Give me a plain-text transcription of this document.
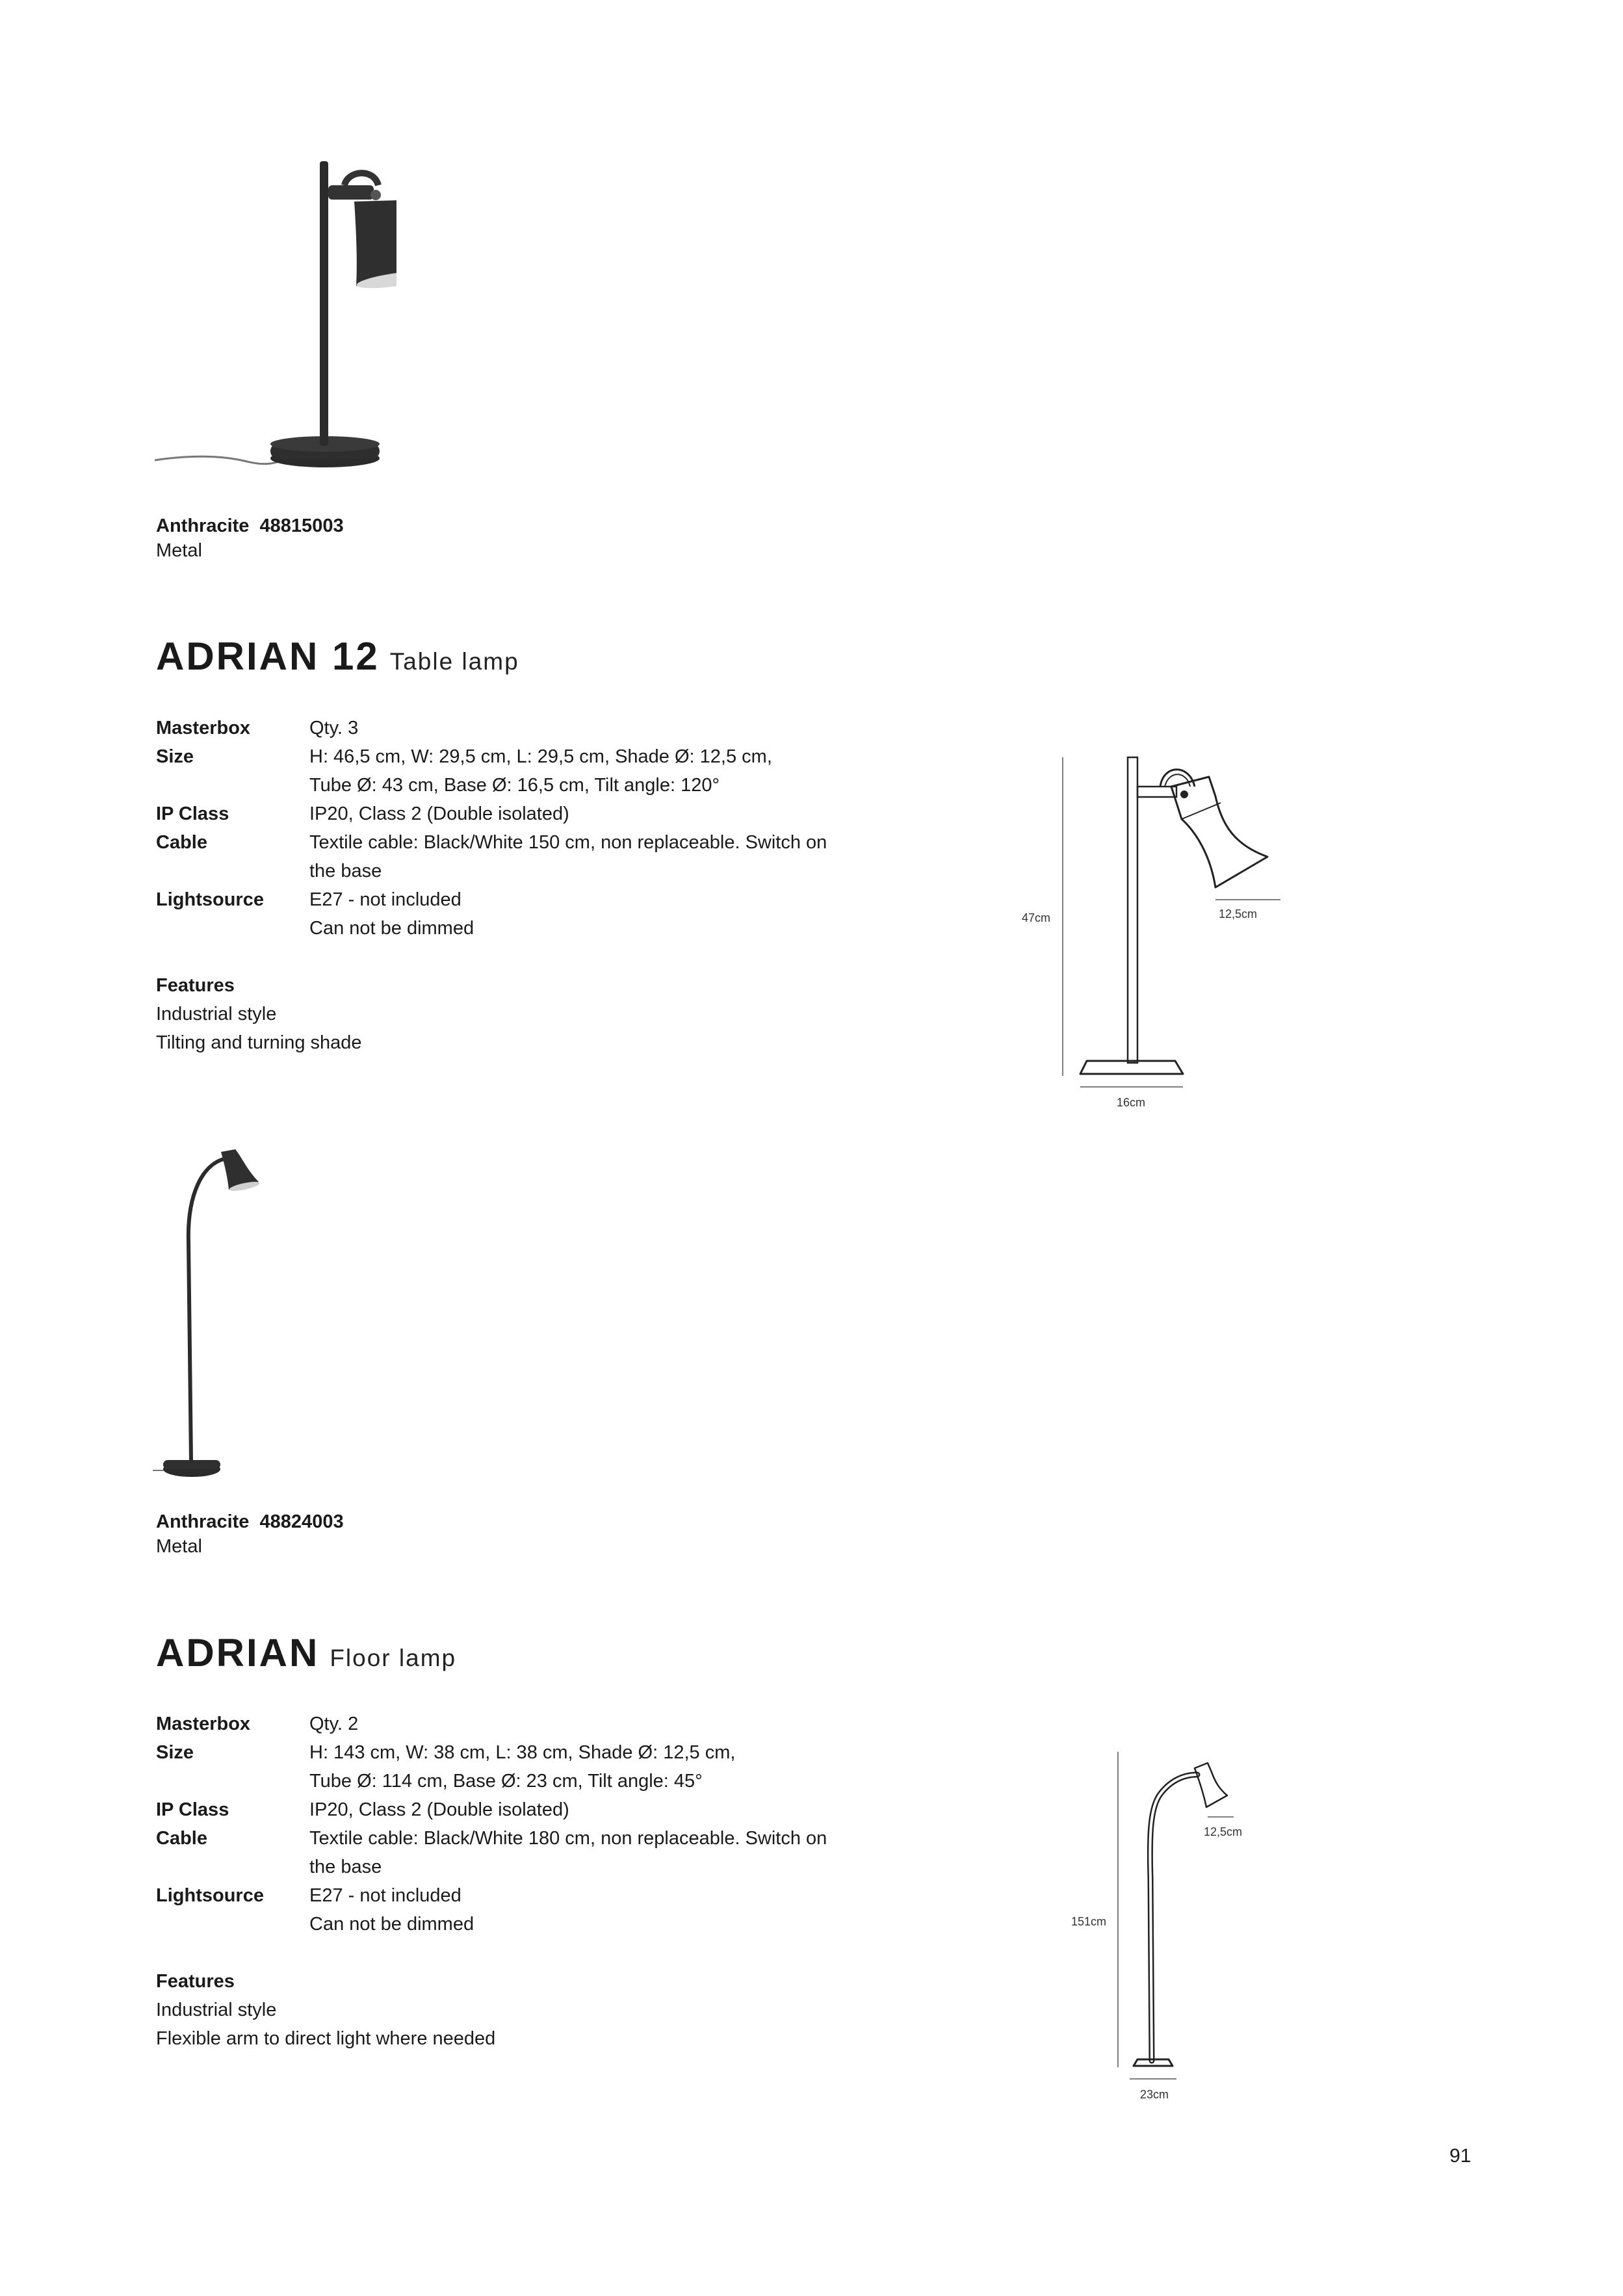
Anthracite 48815003
Metal
ADRIAN 12 Table lamp
Masterbox	Qty. 3
Size	H: 46,5 cm, W: 29,5 cm, L: 29,5 cm, Shade Ø: 12,5 cm,
Tube Ø: 43 cm, Base Ø: 16,5 cm, Tilt angle: 120°
IP Class	IP20, Class 2 (Double isolated)
Cable	Textile cable: Black/White 150 cm, non replaceable. Switch on
the base
Lightsource	E27 - not included
Can not be dimmed
Features
Industrial style
Tilting and turning shade
47cm	12,5cm
16cm
Anthracite 48824003
Metal
ADRIAN Floor lamp
Masterbox	Qty. 2
Size	H: 143 cm, W: 38 cm, L: 38 cm, Shade Ø: 12,5 cm,
Tube Ø: 114 cm, Base Ø: 23 cm, Tilt angle: 45°
IP Class	IP20, Class 2 (Double isolated)
Cable	Textile cable: Black/White 180 cm, non replaceable. Switch on
the base
Lightsource	E27 - not included
Can not be dimmed
Features
Industrial style
Flexible arm to direct light where needed
151cm
12,5cm
23cm
91
